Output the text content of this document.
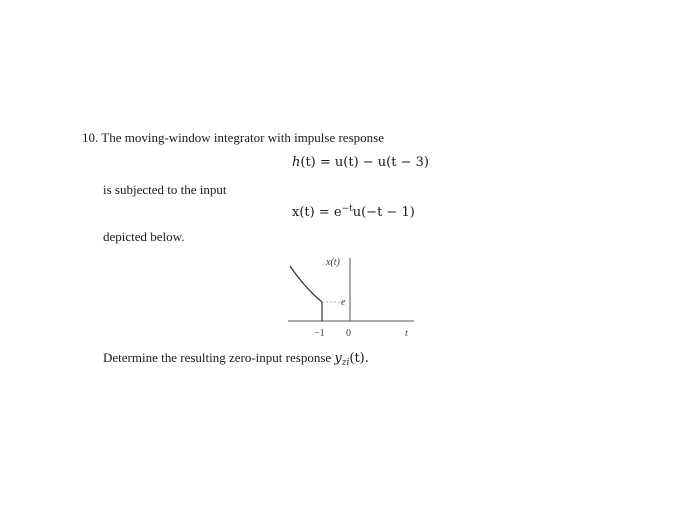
10. The moving-window integrator with impulse response
h(t) = u(t) − u(t − 3)
is subjected to the input
$x(t) = e^{-t}u(-t - 1)$
depicted below.
x(t)
e
−1 0	t
Determine the resulting zero-input response $y_{zi}(t)$.
